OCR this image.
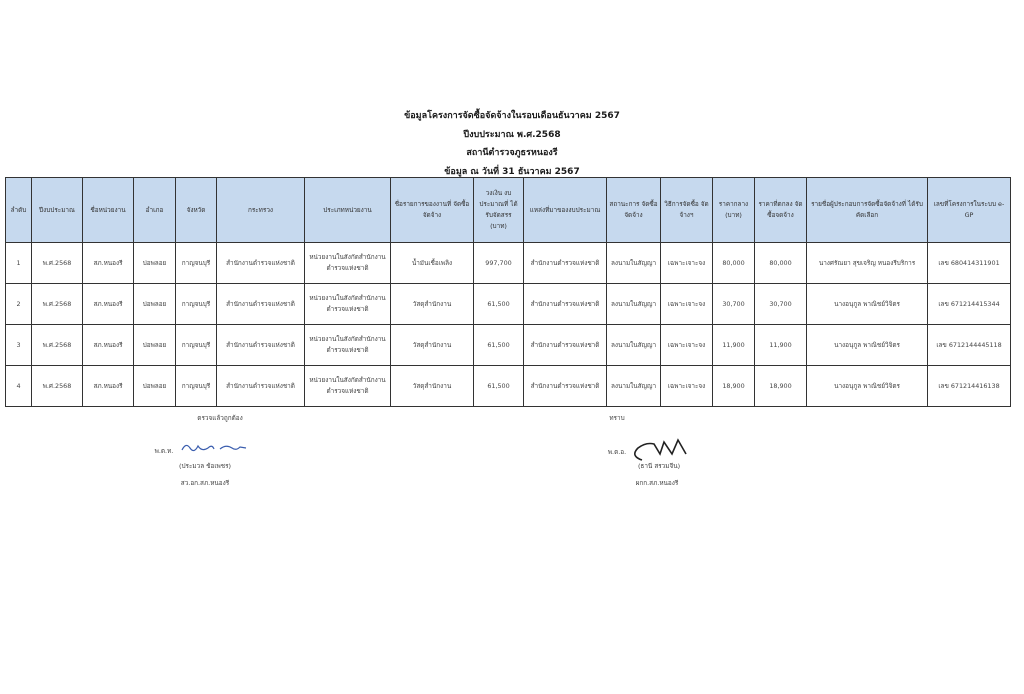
ข้อมูลโครงการจัดซื้อจัดจ้างในรอบเดือนธันวาคม 2567
ปีงบประมาณ พ.ศ.2568
สถานีตำรวจภูธรหนองรี
ข้อมูล ณ วันที่ 31 ธันวาคม 2567
ลำดับ	ปีงบประมาณ	ชื่อหน่วยงาน	อำเภอ	จังหวัด	กระทรวง	ประเภทหน่วยงาน	ชื่อรายการของงานที่ จัดซื้อจัดจ้าง	วงเงิน งบประมาณที่ ได้รับจัดสรร (บาท)	แหล่งที่มาของงบประมาณ	สถานะการ จัดซื้อจัดจ้าง	วิธีการจัดซื้อ จัดจ้างฯ	ราคากลาง (บาท)	ราคาที่ตกลง จัดซื้อจดจ้าง	รายชื่อผู้ประกอบการจัดซื้อจัดจ้างที่ ได้รับคัดเลือก	เลขที่โครงการในระบบ e-GP
1	พ.ศ.2568	สภ.หนองรี	บ่อพลอย	กาญจนบุรี	สำนักงานตำรวจแห่งชาติ	หน่วยงานในสังกัดสำนักงาน ตำรวจแห่งชาติ	น้ำมันเชื้อเพลิง	997,700	สำนักงานตำรวจแห่งชาติ	ลงนามในสัญญา	เฉพาะเจาะจง	80,000	80,000	นางศรัณยา สุขเจริญ หนองรีบริการ	เลข 680414311901
2	พ.ศ.2568	สภ.หนองรี	บ่อพลอย	กาญจนบุรี	สำนักงานตำรวจแห่งชาติ	หน่วยงานในสังกัดสำนักงาน ตำรวจแห่งชาติ	วัสดุสำนักงาน	61,500	สำนักงานตำรวจแห่งชาติ	ลงนามในสัญญา	เฉพาะเจาะจง	30,700	30,700	นางอนุกูล พาณิชย์วิจิตร	เลข 671214415344
3	พ.ศ.2568	สภ.หนองรี	บ่อพลอย	กาญจนบุรี	สำนักงานตำรวจแห่งชาติ	หน่วยงานในสังกัดสำนักงาน ตำรวจแห่งชาติ	วัสดุสำนักงาน	61,500	สำนักงานตำรวจแห่งชาติ	ลงนามในสัญญา	เฉพาะเจาะจง	11,900	11,900	นางอนุกูล พาณิชย์วิจิตร	เลข 6712144445118
4	พ.ศ.2568	สภ.หนองรี	บ่อพลอย	กาญจนบุรี	สำนักงานตำรวจแห่งชาติ	หน่วยงานในสังกัดสำนักงาน ตำรวจแห่งชาติ	วัสดุสำนักงาน	61,500	สำนักงานตำรวจแห่งชาติ	ลงนามในสัญญา	เฉพาะเจาะจง	18,900	18,900	นางอนุกูล พาณิชย์วิจิตร	เลข 671214416138
ตรวจแล้วถูกต้อง
พ.ต.ท.
(ประมวล ช้อเพชร)
สว.อก.สภ.หนองรี
ทราบ
พ.ต.อ.
(ธานี สรวมจีน)
ผกก.สภ.หนองรี
